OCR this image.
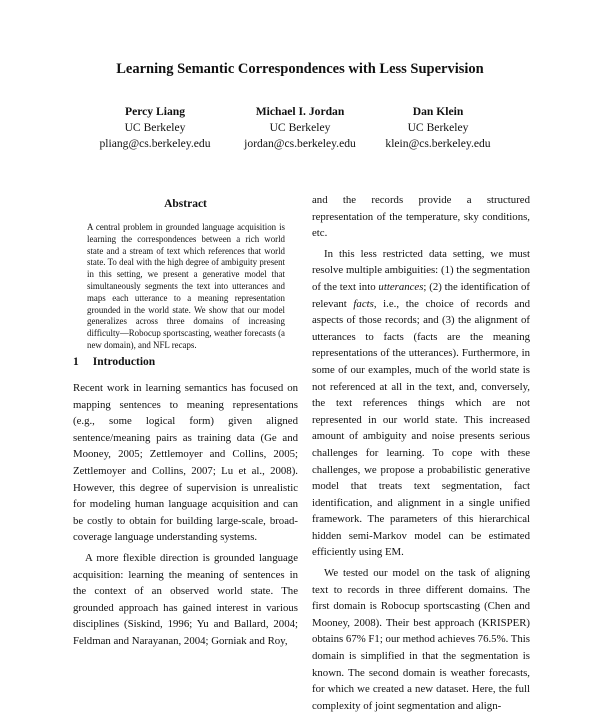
Learning Semantic Correspondences with Less Supervision
Percy Liang
UC Berkeley
pliang@cs.berkeley.edu
Michael I. Jordan
UC Berkeley
jordan@cs.berkeley.edu
Dan Klein
UC Berkeley
klein@cs.berkeley.edu
Abstract
A central problem in grounded language acquisition is learning the correspondences between a rich world state and a stream of text which references that world state. To deal with the high degree of ambiguity present in this setting, we present a generative model that simultaneously segments the text into utterances and maps each utterance to a meaning representation grounded in the world state. We show that our model generalizes across three domains of increasing difficulty—Robocup sportscasting, weather forecasts (a new domain), and NFL recaps.
1 Introduction

Recent work in learning semantics has focused on mapping sentences to meaning representations (e.g., some logical form) given aligned sentence/meaning pairs as training data (Ge and Mooney, 2005; Zettlemoyer and Collins, 2005; Zettlemoyer and Collins, 2007; Lu et al., 2008). However, this degree of supervision is unrealistic for modeling human language acquisition and can be costly to obtain for building large-scale, broad-coverage language understanding systems.

A more flexible direction is grounded language acquisition: learning the meaning of sentences in the context of an observed world state. The grounded approach has gained interest in various disciplines (Siskind, 1996; Yu and Ballard, 2004; Feldman and Narayanan, 2004; Gorniak and Roy,

and the records provide a structured representation of the temperature, sky conditions, etc.

In this less restricted data setting, we must resolve multiple ambiguities: (1) the segmentation of the text into utterances; (2) the identification of relevant facts, i.e., the choice of records and aspects of those records; and (3) the alignment of utterances to facts (facts are the meaning representations of the utterances). Furthermore, in some of our examples, much of the world state is not referenced at all in the text, and, conversely, the text references things which are not represented in our world state. This increased amount of ambiguity and noise presents serious challenges for learning. To cope with these challenges, we propose a probabilistic generative model that treats text segmentation, fact identification, and alignment in a single unified framework. The parameters of this hierarchical hidden semi-Markov model can be estimated efficiently using EM.

We tested our model on the task of aligning text to records in three different domains. The first domain is Robocup sportscasting (Chen and Mooney, 2008). Their best approach (KRISPER) obtains 67% F1; our method achieves 76.5%. This domain is simplified in that the segmentation is known. The second domain is weather forecasts, for which we created a new dataset. Here, the full complexity of joint segmentation and align-
